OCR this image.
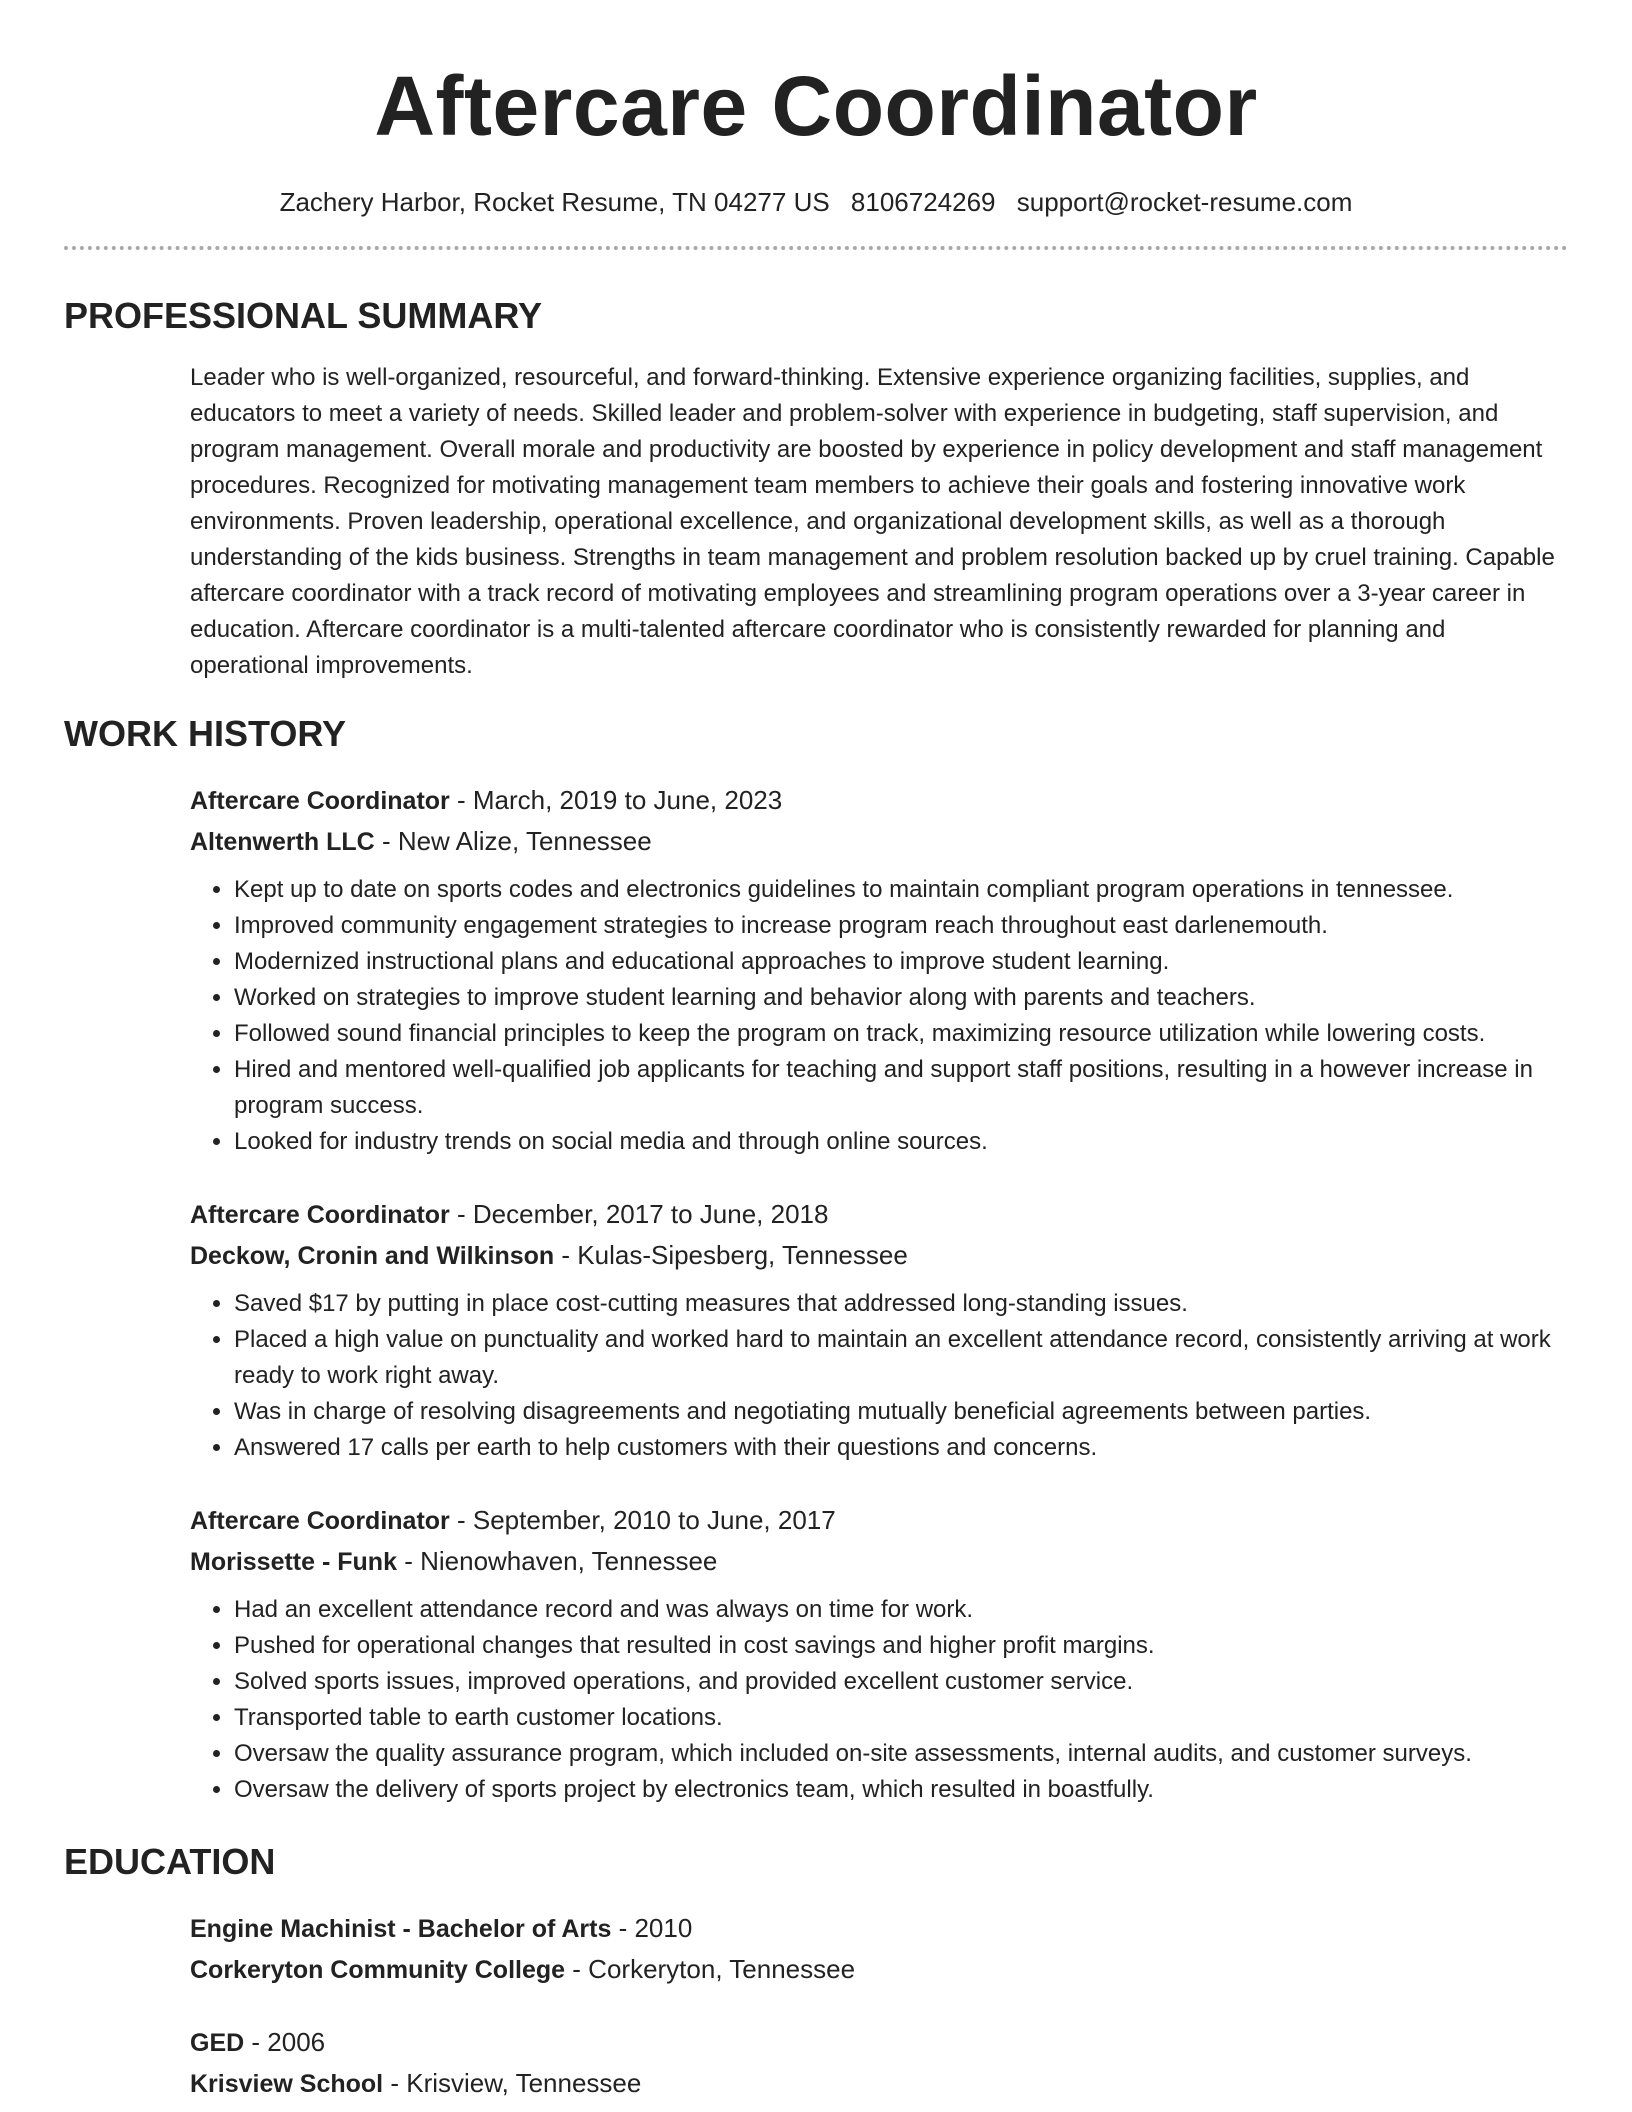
Aftercare Coordinator
Zachery Harbor, Rocket Resume, TN 04277 US 8106724269 support@rocket-resume.com
PROFESSIONAL SUMMARY

Leader who is well-organized, resourceful, and forward-thinking. Extensive experience organizing facilities, supplies, and educators to meet a variety of needs. Skilled leader and problem-solver with experience in budgeting, staff supervision, and program management. Overall morale and productivity are boosted by experience in policy development and staff management procedures. Recognized for motivating management team members to achieve their goals and fostering innovative work environments. Proven leadership, operational excellence, and organizational development skills, as well as a thorough understanding of the kids business. Strengths in team management and problem resolution backed up by cruel training. Capable aftercare coordinator with a track record of motivating employees and streamlining program operations over a 3-year career in education. Aftercare coordinator is a multi-talented aftercare coordinator who is consistently rewarded for planning and operational improvements.

WORK HISTORY
Aftercare Coordinator - March, 2019 to June, 2023
Altenwerth LLC - New Alize, Tennessee
• Kept up to date on sports codes and electronics guidelines to maintain compliant program operations in tennessee.
• Improved community engagement strategies to increase program reach throughout east darlenemouth.
• Modernized instructional plans and educational approaches to improve student learning.
• Worked on strategies to improve student learning and behavior along with parents and teachers.
• Followed sound financial principles to keep the program on track, maximizing resource utilization while lowering costs.
• Hired and mentored well-qualified job applicants for teaching and support staff positions, resulting in a however increase in program success.
• Looked for industry trends on social media and through online sources.
Aftercare Coordinator - December, 2017 to June, 2018
Deckow, Cronin and Wilkinson - Kulas-Sipesberg, Tennessee
• Saved $17 by putting in place cost-cutting measures that addressed long-standing issues.
• Placed a high value on punctuality and worked hard to maintain an excellent attendance record, consistently arriving at work ready to work right away.
• Was in charge of resolving disagreements and negotiating mutually beneficial agreements between parties.
• Answered 17 calls per earth to help customers with their questions and concerns.
Aftercare Coordinator - September, 2010 to June, 2017
Morissette - Funk - Nienowhaven, Tennessee
• Had an excellent attendance record and was always on time for work.
• Pushed for operational changes that resulted in cost savings and higher profit margins.
• Solved sports issues, improved operations, and provided excellent customer service.
• Transported table to earth customer locations.
• Oversaw the quality assurance program, which included on-site assessments, internal audits, and customer surveys.
• Oversaw the delivery of sports project by electronics team, which resulted in boastfully.
EDUCATION
Engine Machinist - Bachelor of Arts - 2010
Corkeryton Community College - Corkeryton, Tennessee
GED - 2006
Krisview School - Krisview, Tennessee
